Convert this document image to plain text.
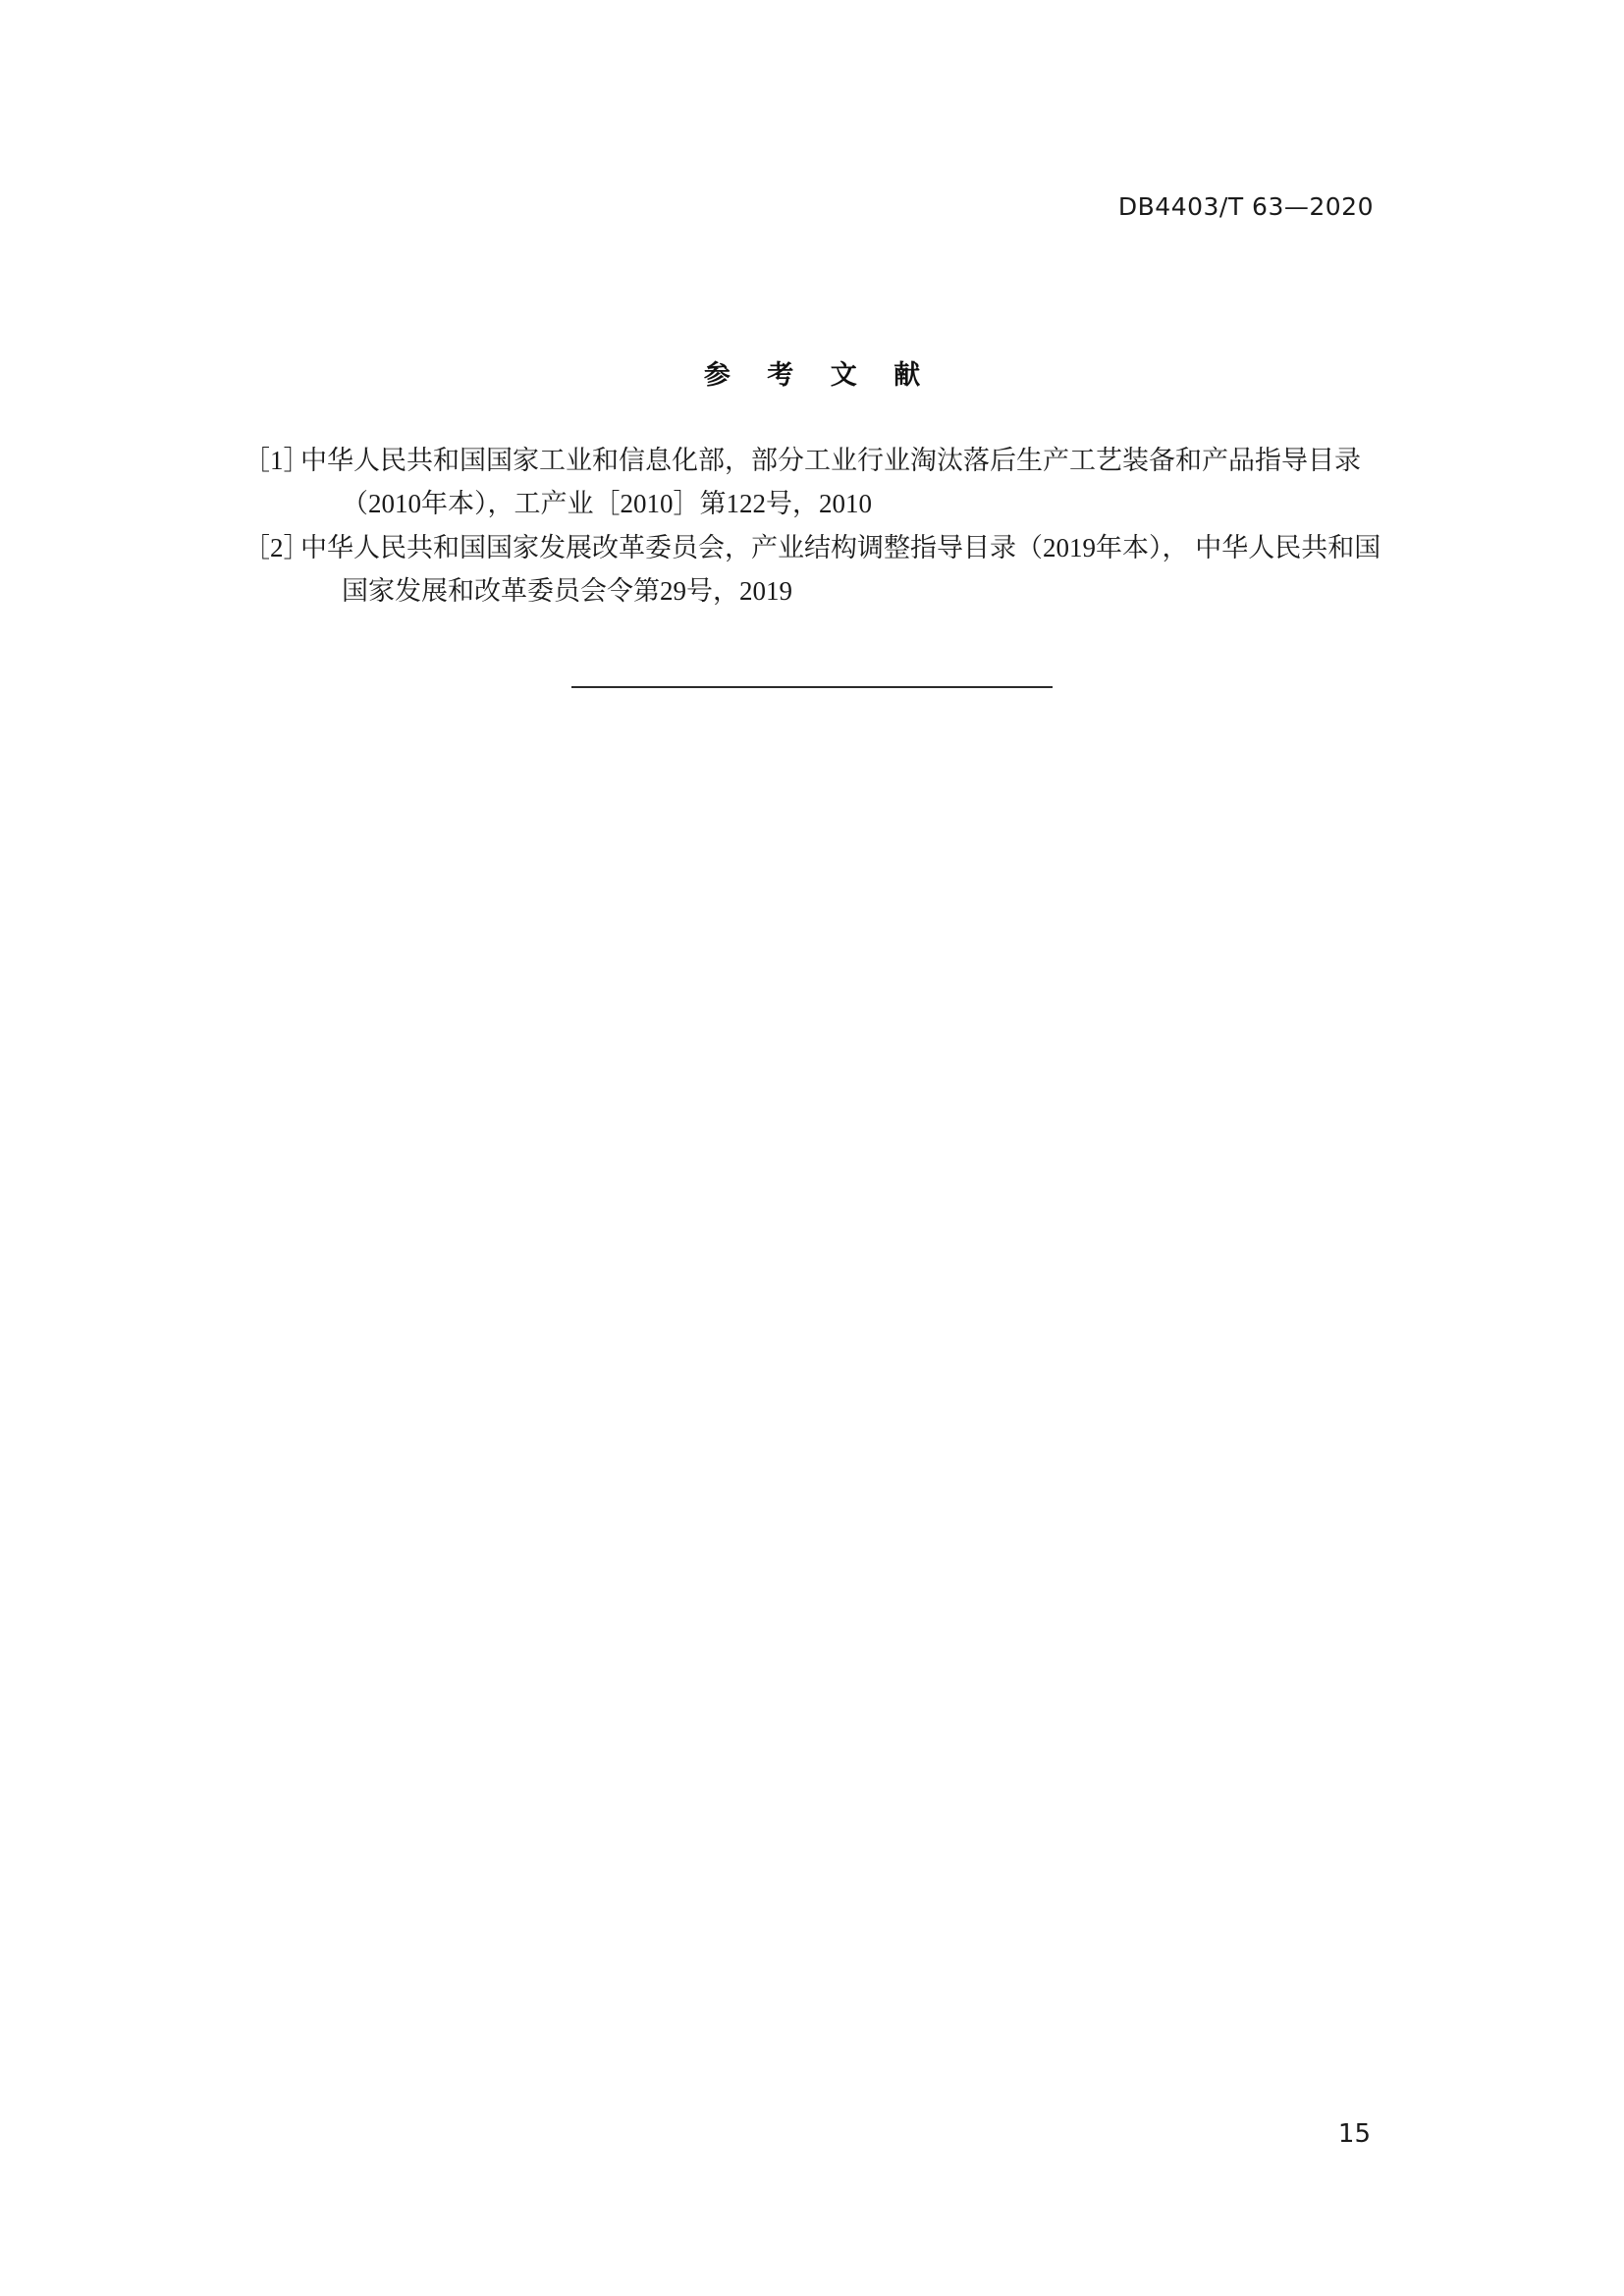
DB4403/T 63—2020
参 考 文 献
［1］
中华人民共和国国家工业和信息化部，部分工业行业淘汰落后生产工艺装备和产品指导目录
（2010年本），工产业［2010］第122号，2010
［2］
中华人民共和国国家发展改革委员会，产业结构调整指导目录（2019年本）， 中华人民共和国
国家发展和改革委员会令第29号，2019
15
